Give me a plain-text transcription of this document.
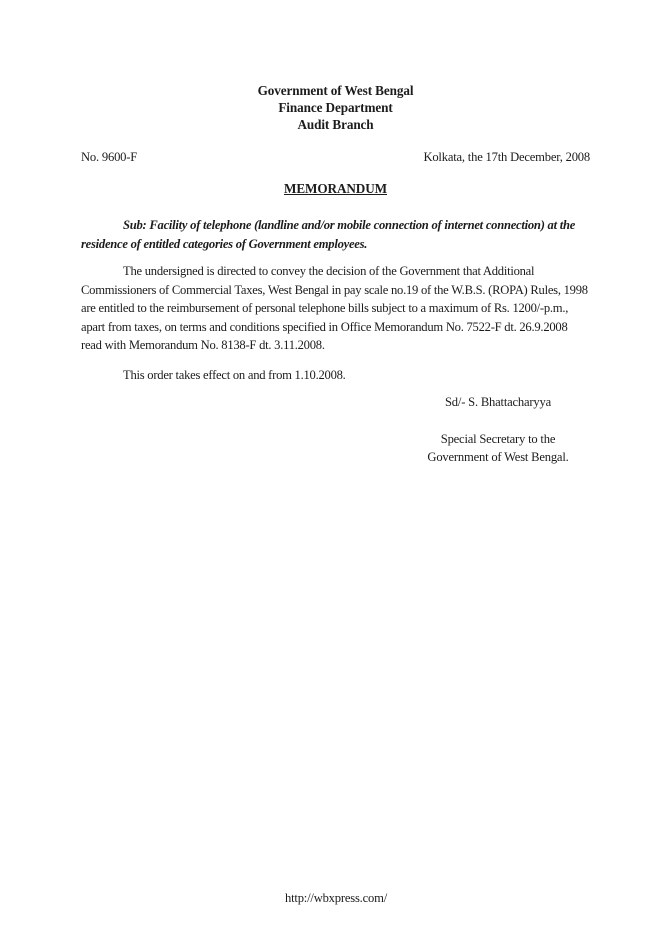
Government of West Bengal
Finance Department
Audit Branch
No. 9600-F	Kolkata, the 17th December, 2008
MEMORANDUM

Sub: Facility of telephone (landline and/or mobile connection of internet connection) at the residence of entitled categories of Government employees.

The undersigned is directed to convey the decision of the Government that Additional Commissioners of Commercial Taxes, West Bengal in pay scale no.19 of the W.B.S. (ROPA) Rules, 1998 are entitled to the reimbursement of personal telephone bills subject to a maximum of Rs. 1200/-p.m., apart from taxes, on terms and conditions specified in Office Memorandum No. 7522-F dt. 26.9.2008 read with Memorandum No. 8138-F dt. 3.11.2008.

This order takes effect on and from 1.10.2008.

Sd/- S. Bhattacharyya
Special Secretary to the
Government of West Bengal.
http://wbxpress.com/
